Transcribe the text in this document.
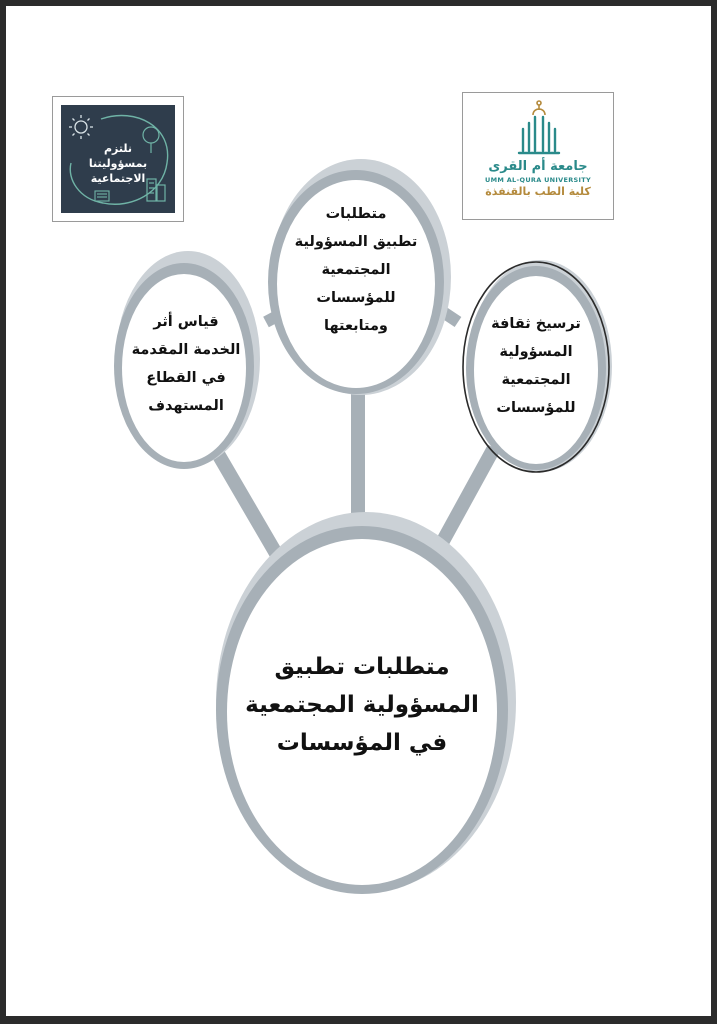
نلتزم
بمسؤوليتنا
الاجتماعية
جامعة أم القرى
UMM AL-QURA UNIVERSITY
كلية الطب بالقنفذة
قياس أثر
الخدمة المقدمة
في القطاع
المستهدف
متطلبات
تطبيق المسؤولية
المجتمعية
للمؤسسات
ومتابعتها	ترسيخ ثقافة
المسؤولية
المجتمعية
للمؤسسات
متطلبات تطبيق
المسؤولية المجتمعية
في المؤسسات
